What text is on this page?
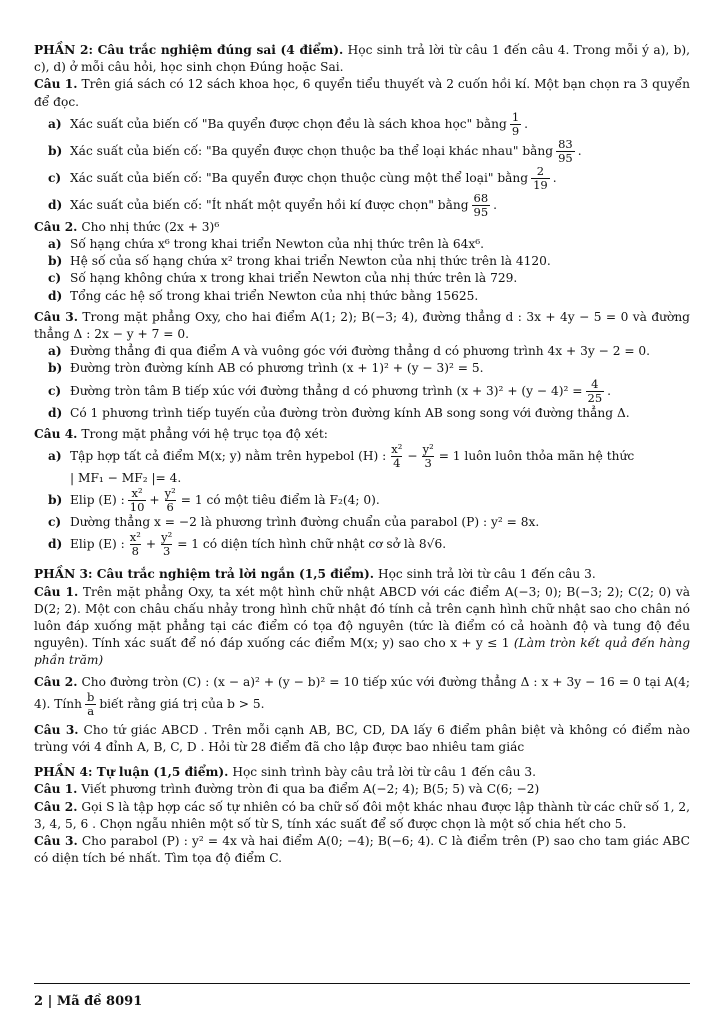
PHẦN 2: Câu trắc nghiệm đúng sai (4 điểm). Học sinh trả lời từ câu 1 đến câu 4. Trong mỗi ý a), b), c), d) ở mỗi câu hỏi, học sinh chọn Đúng hoặc Sai.

Câu 1. Trên giá sách có 12 sách khoa học, 6 quyển tiểu thuyết và 2 cuốn hồi kí. Một bạn chọn ra 3 quyển để đọc.

a) Xác suất của biến cố "Ba quyển được chọn đều là sách khoa học" bằng $\frac{1}{9}$ .
b) Xác suất của biến cố: "Ba quyển được chọn thuộc ba thể loại khác nhau" bằng $\frac{83}{95}$ .
c) Xác suất của biến cố: "Ba quyển được chọn thuộc cùng một thể loại" bằng $\frac{2}{19}$ .
d) Xác suất của biến cố: "Ít nhất một quyển hồi kí được chọn" bằng $\frac{68}{95}$ .

Câu 2. Cho nhị thức (2x + 3)⁶

a) Số hạng chứa x⁶ trong khai triển Newton của nhị thức trên là 64x⁶.
b) Hệ số của số hạng chứa x² trong khai triển Newton của nhị thức trên là 4120.
c) Số hạng không chứa x trong khai triển Newton của nhị thức trên là 729.
d) Tổng các hệ số trong khai triển Newton của nhị thức bằng 15625.

Câu 3. Trong mặt phẳng Oxy, cho hai điểm A(1; 2); B(−3; 4), đường thẳng d : 3x + 4y − 5 = 0 và đường thẳng Δ : 2x − y + 7 = 0.

a) Đường thẳng đi qua điểm A và vuông góc với đường thẳng d có phương trình 4x + 3y − 2 = 0.
b) Đường tròn đường kính AB có phương trình (x + 1)² + (y − 3)² = 5.
c) Đường tròn tâm B tiếp xúc với đường thẳng d có phương trình $(x + 3)^2 + (y - 4)^2 = \frac{4}{25}$ .
d) Có 1 phương trình tiếp tuyến của đường tròn đường kính AB song song với đường thẳng Δ.

Câu 4. Trong mặt phẳng với hệ trục tọa độ xét:

a) Tập hợp tất cả điểm M(x; y) nằm trên hypebol (H) : $\frac{\text{x²}}{4} - \frac{\text{y²}}{3} = 1$ luôn luôn thỏa mãn hệ thức
| MF₁ − MF₂ |= 4.
b) Elip (E) : $\frac{\text{x²}}{10} + \frac{\text{y²}}{6} = 1$ có một tiêu điểm là F₂(4; 0).
c) Dường thẳng x = −2 là phương trình đường chuẩn của parabol (P) : y² = 8x.
d) Elip (E) : $\frac{\text{x²}}{8} + \frac{\text{y²}}{3} = 1$ có diện tích hình chữ nhật cơ sở là 8√6.

PHẦN 3: Câu trắc nghiệm trả lời ngắn (1,5 điểm). Học sinh trả lời từ câu 1 đến câu 3.

Câu 1. Trên mặt phẳng Oxy, ta xét một hình chữ nhật ABCD với các điểm A(−3; 0); B(−3; 2); C(2; 0) và D(2; 2). Một con châu chấu nhảy trong hình chữ nhật đó tính cả trên cạnh hình chữ nhật sao cho chân nó luôn đáp xuống mặt phẳng tại các điểm có tọa độ nguyên (tức là điểm có cả hoành độ và tung độ đều nguyên). Tính xác suất để nó đáp xuống các điểm M(x; y) sao cho x + y ≤ 1 (Làm tròn kết quả đến hàng phần trăm)

Câu 2. Cho đường tròn (C) : (x − a)² + (y − b)² = 10 tiếp xúc với đường thẳng Δ : x + 3y − 16 = 0 tại A(4; 4). Tính $\frac{b}{a}$ biết rằng giá trị của b > 5.

Câu 3. Cho tứ giác ABCD . Trên mỗi cạnh AB, BC, CD, DA lấy 6 điểm phân biệt và không có điểm nào trùng với 4 đỉnh A, B, C, D . Hỏi từ 28 điểm đã cho lập được bao nhiêu tam giác

PHẦN 4: Tự luận (1,5 điểm). Học sinh trình bày câu trả lời từ câu 1 đến câu 3.

Câu 1. Viết phương trình đường tròn đi qua ba điểm A(−2; 4); B(5; 5) và C(6; −2)

Câu 2. Gọi S là tập hợp các số tự nhiên có ba chữ số đôi một khác nhau được lập thành từ các chữ số 1, 2, 3, 4, 5, 6 . Chọn ngẫu nhiên một số từ S, tính xác suất để số được chọn là một số chia hết cho 5.

Câu 3. Cho parabol (P) : y² = 4x và hai điểm A(0; −4); B(−6; 4). C là điểm trên (P) sao cho tam giác ABC có diện tích bé nhất. Tìm tọa độ điểm C.

2 | Mã đề 8091
